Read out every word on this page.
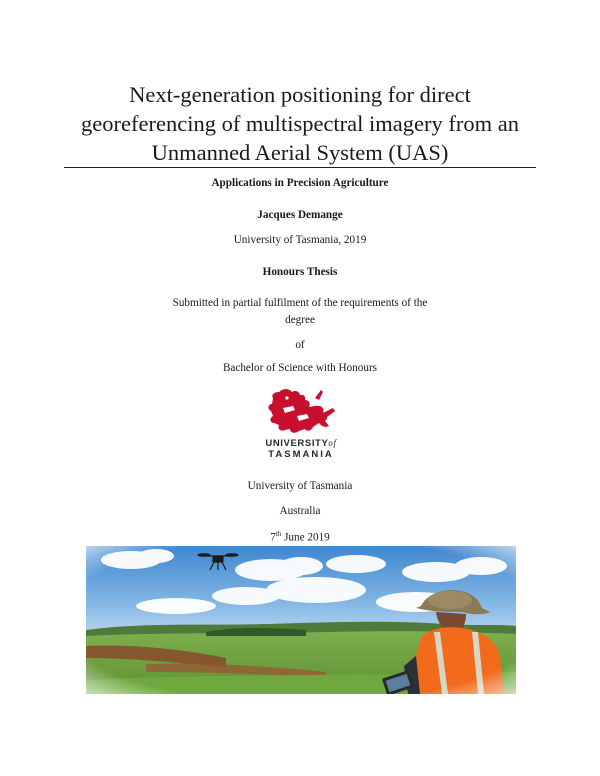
Next-generation positioning for direct georeferencing of multispectral imagery from an Unmanned Aerial System (UAS)
Applications in Precision Agriculture
Jacques Demange
University of Tasmania, 2019
Honours Thesis
Submitted in partial fulfilment of the requirements of the
degree
of
Bachelor of Science with Honours
UNIVERSITYof
TASMANIA
University of Tasmania
Australia
7th June 2019
